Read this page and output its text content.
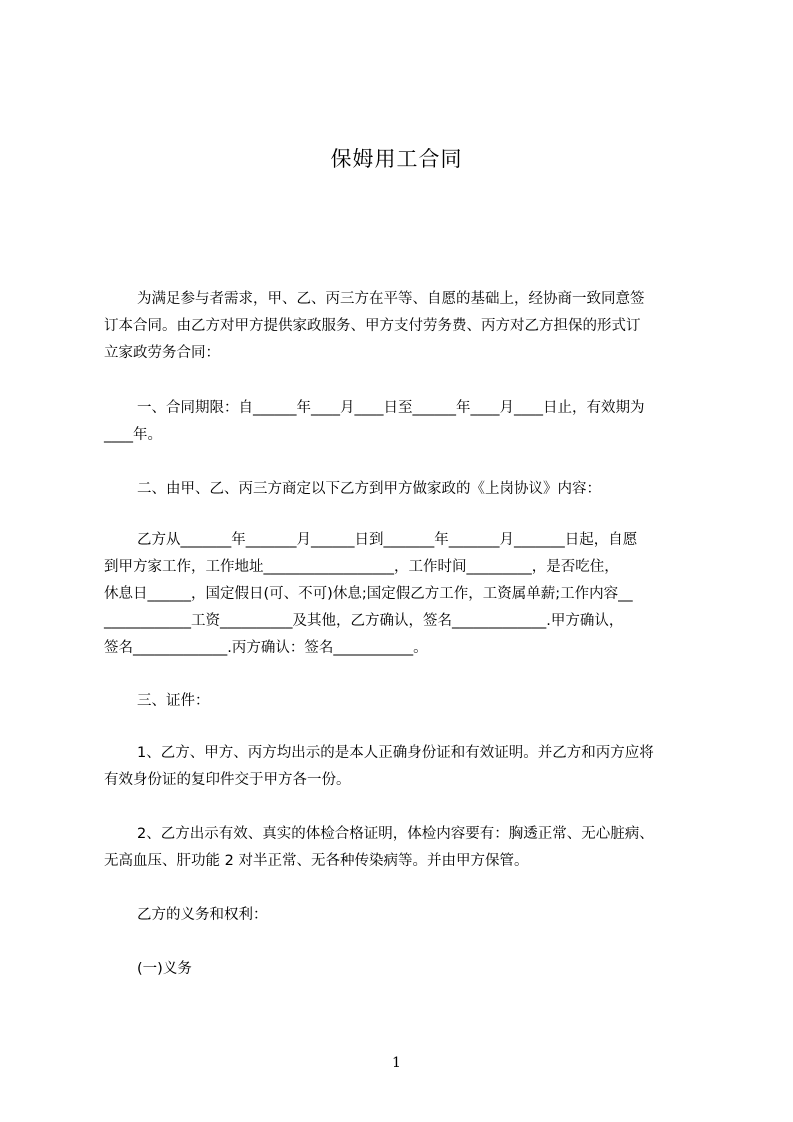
保姆用工合同
为满足参与者需求，甲、乙、丙三方在平等、自愿的基础上，经协商一致同意签
订本合同。由乙方对甲方提供家政服务、甲方支付劳务费、丙方对乙方担保的形式订
立家政劳务合同：
一、合同期限：自______年____月____日至______年____月____日止，有效期为
____年。
二、由甲、乙、丙三方商定以下乙方到甲方做家政的《上岗协议》内容：
乙方从_______年_______月______日到_______年_______月_______日起，自愿
到甲方家工作，工作地址__________________，工作时间_________，是否吃住，
休息日______，国定假日(可、不可)休息;国定假乙方工作，工资属单薪;工作内容__
____________工资__________及其他，乙方确认，签名_____________.甲方确认，
签名_____________.丙方确认：签名___________。
三、证件：
1、乙方、甲方、丙方均出示的是本人正确身份证和有效证明。并乙方和丙方应将
有效身份证的复印件交于甲方各一份。
2、乙方出示有效、真实的体检合格证明，体检内容要有：胸透正常、无心脏病、
无高血压、肝功能 2 对半正常、无各种传染病等。并由甲方保管。
乙方的义务和权利：
(一)义务
1
